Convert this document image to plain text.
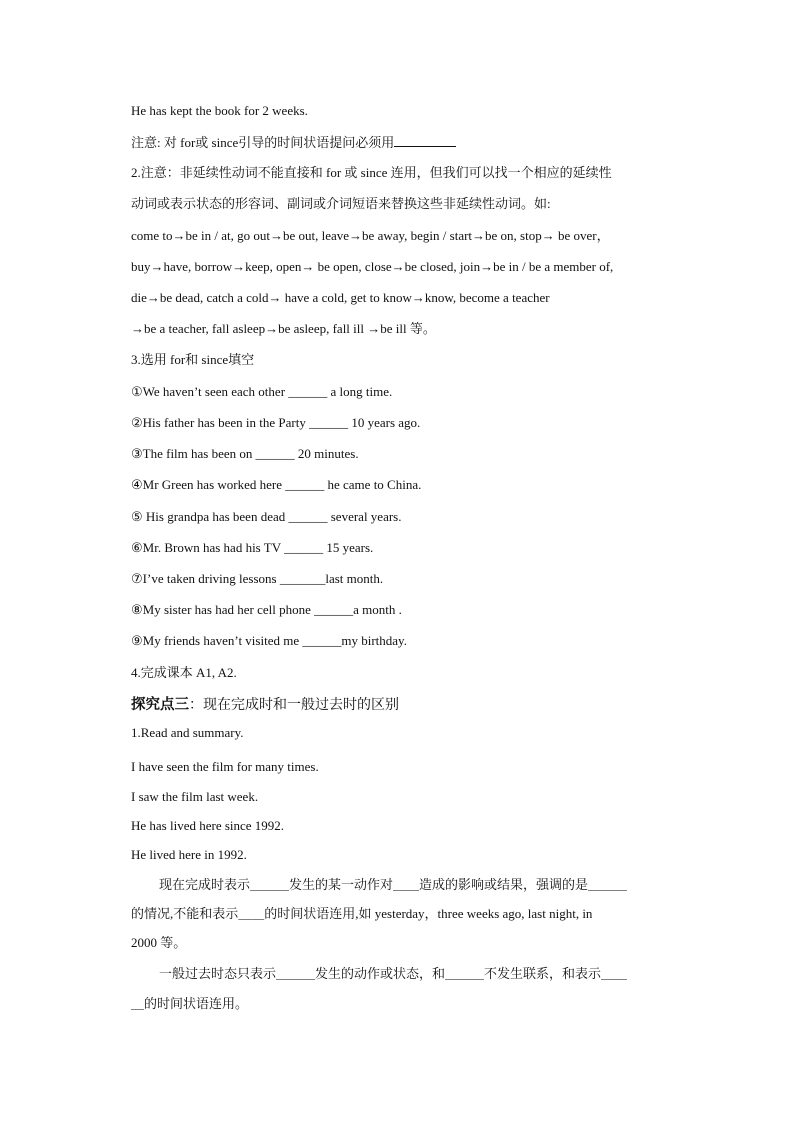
He has kept the book for 2 weeks.
注意: 对 for或 since引导的时间状语提问必须用
2.注意：非延续性动词不能直接和 for 或 since 连用，但我们可以找一个相应的延续性
动词或表示状态的形容词、副词或介词短语来替换这些非延续性动词。如:
come to→be in / at, go out→be out, leave→be away, begin / start→be on, stop→ be over，
buy→have, borrow→keep, open→ be open, close→be closed, join→be in / be a member of,
die→be dead, catch a cold→ have a cold, get to know→know, become a teacher
→be a teacher, fall asleep→be asleep, fall ill →be ill 等。
3.选用 for和 since填空
①We haven’t seen each other ______ a long time.
②His father has been in the Party ______ 10 years ago.
③The film has been on ______ 20 minutes.
④Mr Green has worked here ______ he came to China.
⑤ His grandpa has been dead ______ several years.
⑥Mr. Brown has had his TV ______ 15 years.
⑦I’ve taken driving lessons _______last month.
⑧My sister has had her cell phone ______a month .
⑨My friends haven’t visited me ______my birthday.
4.完成课本 A1, A2.
探究点三：现在完成时和一般过去时的区别
1.Read and summary.
I have seen the film for many times.
I saw the film last week.
He has lived here since 1992.
He lived here in 1992.
现在完成时表示＿＿＿发生的某一动作对＿＿造成的影响或结果，强调的是＿＿＿
的情况,不能和表示＿＿的时间状语连用,如 yesterday，three weeks ago, last night, in
2000 等。
一般过去时态只表示＿＿＿发生的动作或状态，和＿＿＿不发生联系，和表示＿＿
＿的时间状语连用。
